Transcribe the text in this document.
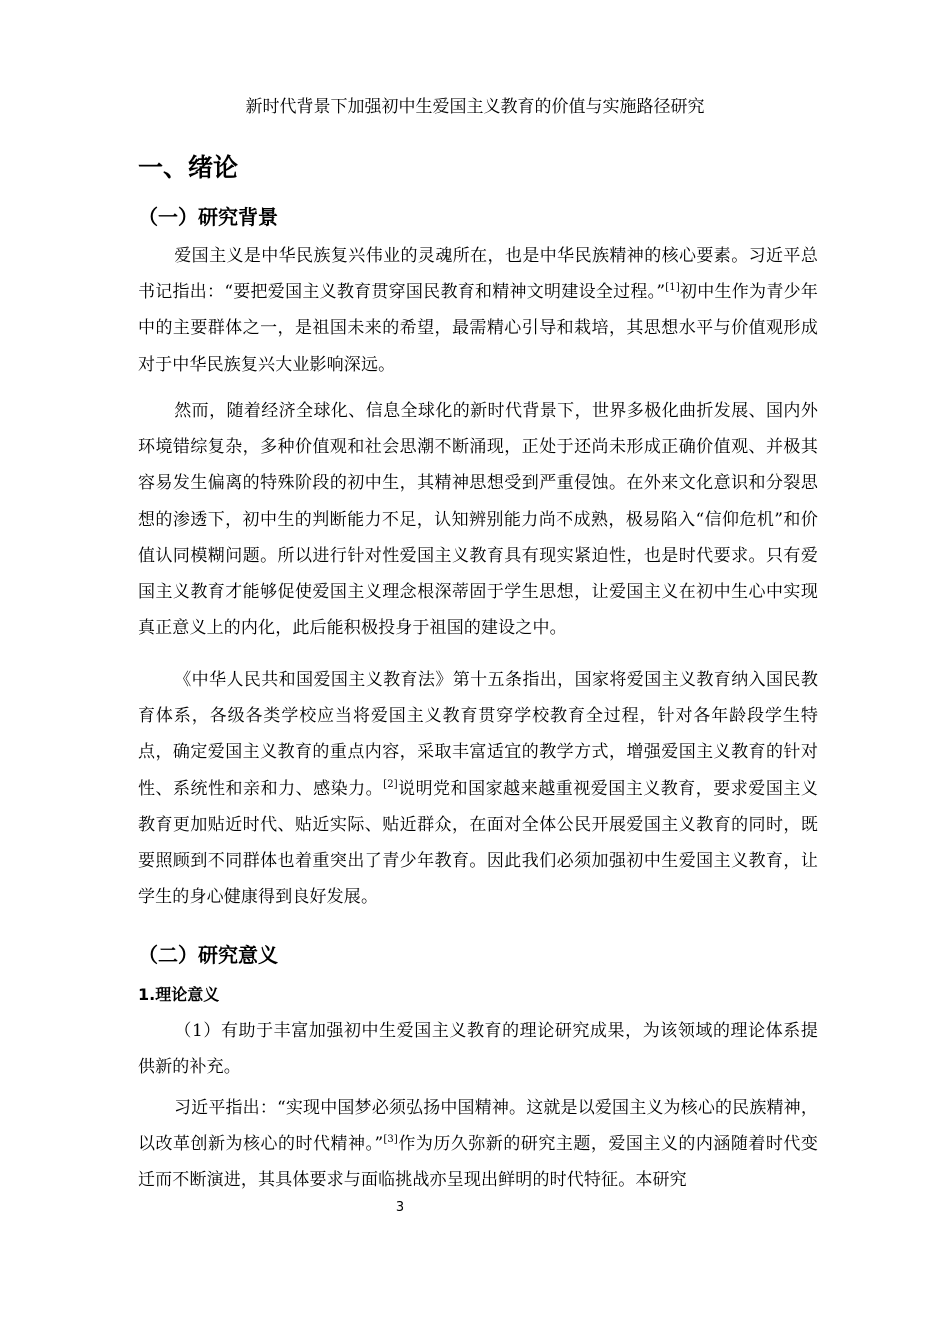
新时代背景下加强初中生爱国主义教育的价值与实施路径研究
一、绪论
（一）研究背景
爱国主义是中华民族复兴伟业的灵魂所在，也是中华民族精神的核心要素。习近平总书记指出：“要把爱国主义教育贯穿国民教育和精神文明建设全过程。”[1]初中生作为青少年中的主要群体之一，是祖国未来的希望，最需精心引导和栽培，其思想水平与价值观形成对于中华民族复兴大业影响深远。
然而，随着经济全球化、信息全球化的新时代背景下，世界多极化曲折发展、国内外环境错综复杂，多种价值观和社会思潮不断涌现，正处于还尚未形成正确价值观、并极其容易发生偏离的特殊阶段的初中生，其精神思想受到严重侵蚀。在外来文化意识和分裂思想的渗透下，初中生的判断能力不足，认知辨别能力尚不成熟，极易陷入“信仰危机”和价值认同模糊问题。所以进行针对性爱国主义教育具有现实紧迫性，也是时代要求。只有爱国主义教育才能够促使爱国主义理念根深蒂固于学生思想，让爱国主义在初中生心中实现真正意义上的内化，此后能积极投身于祖国的建设之中。
《中华人民共和国爱国主义教育法》第十五条指出，国家将爱国主义教育纳入国民教育体系，各级各类学校应当将爱国主义教育贯穿学校教育全过程，针对各年龄段学生特点，确定爱国主义教育的重点内容，采取丰富适宜的教学方式，增强爱国主义教育的针对性、系统性和亲和力、感染力。[2]说明党和国家越来越重视爱国主义教育，要求爱国主义教育更加贴近时代、贴近实际、贴近群众，在面对全体公民开展爱国主义教育的同时，既要照顾到不同群体也着重突出了青少年教育。因此我们必须加强初中生爱国主义教育，让学生的身心健康得到良好发展。
（二）研究意义
1.理论意义
（1）有助于丰富加强初中生爱国主义教育的理论研究成果，为该领域的理论体系提供新的补充。
习近平指出：“实现中国梦必须弘扬中国精神。这就是以爱国主义为核心的民族精神，以改革创新为核心的时代精神。”[3]作为历久弥新的研究主题，爱国主义的内涵随着时代变迁而不断演进，其具体要求与面临挑战亦呈现出鲜明的时代特征。本研究
3
